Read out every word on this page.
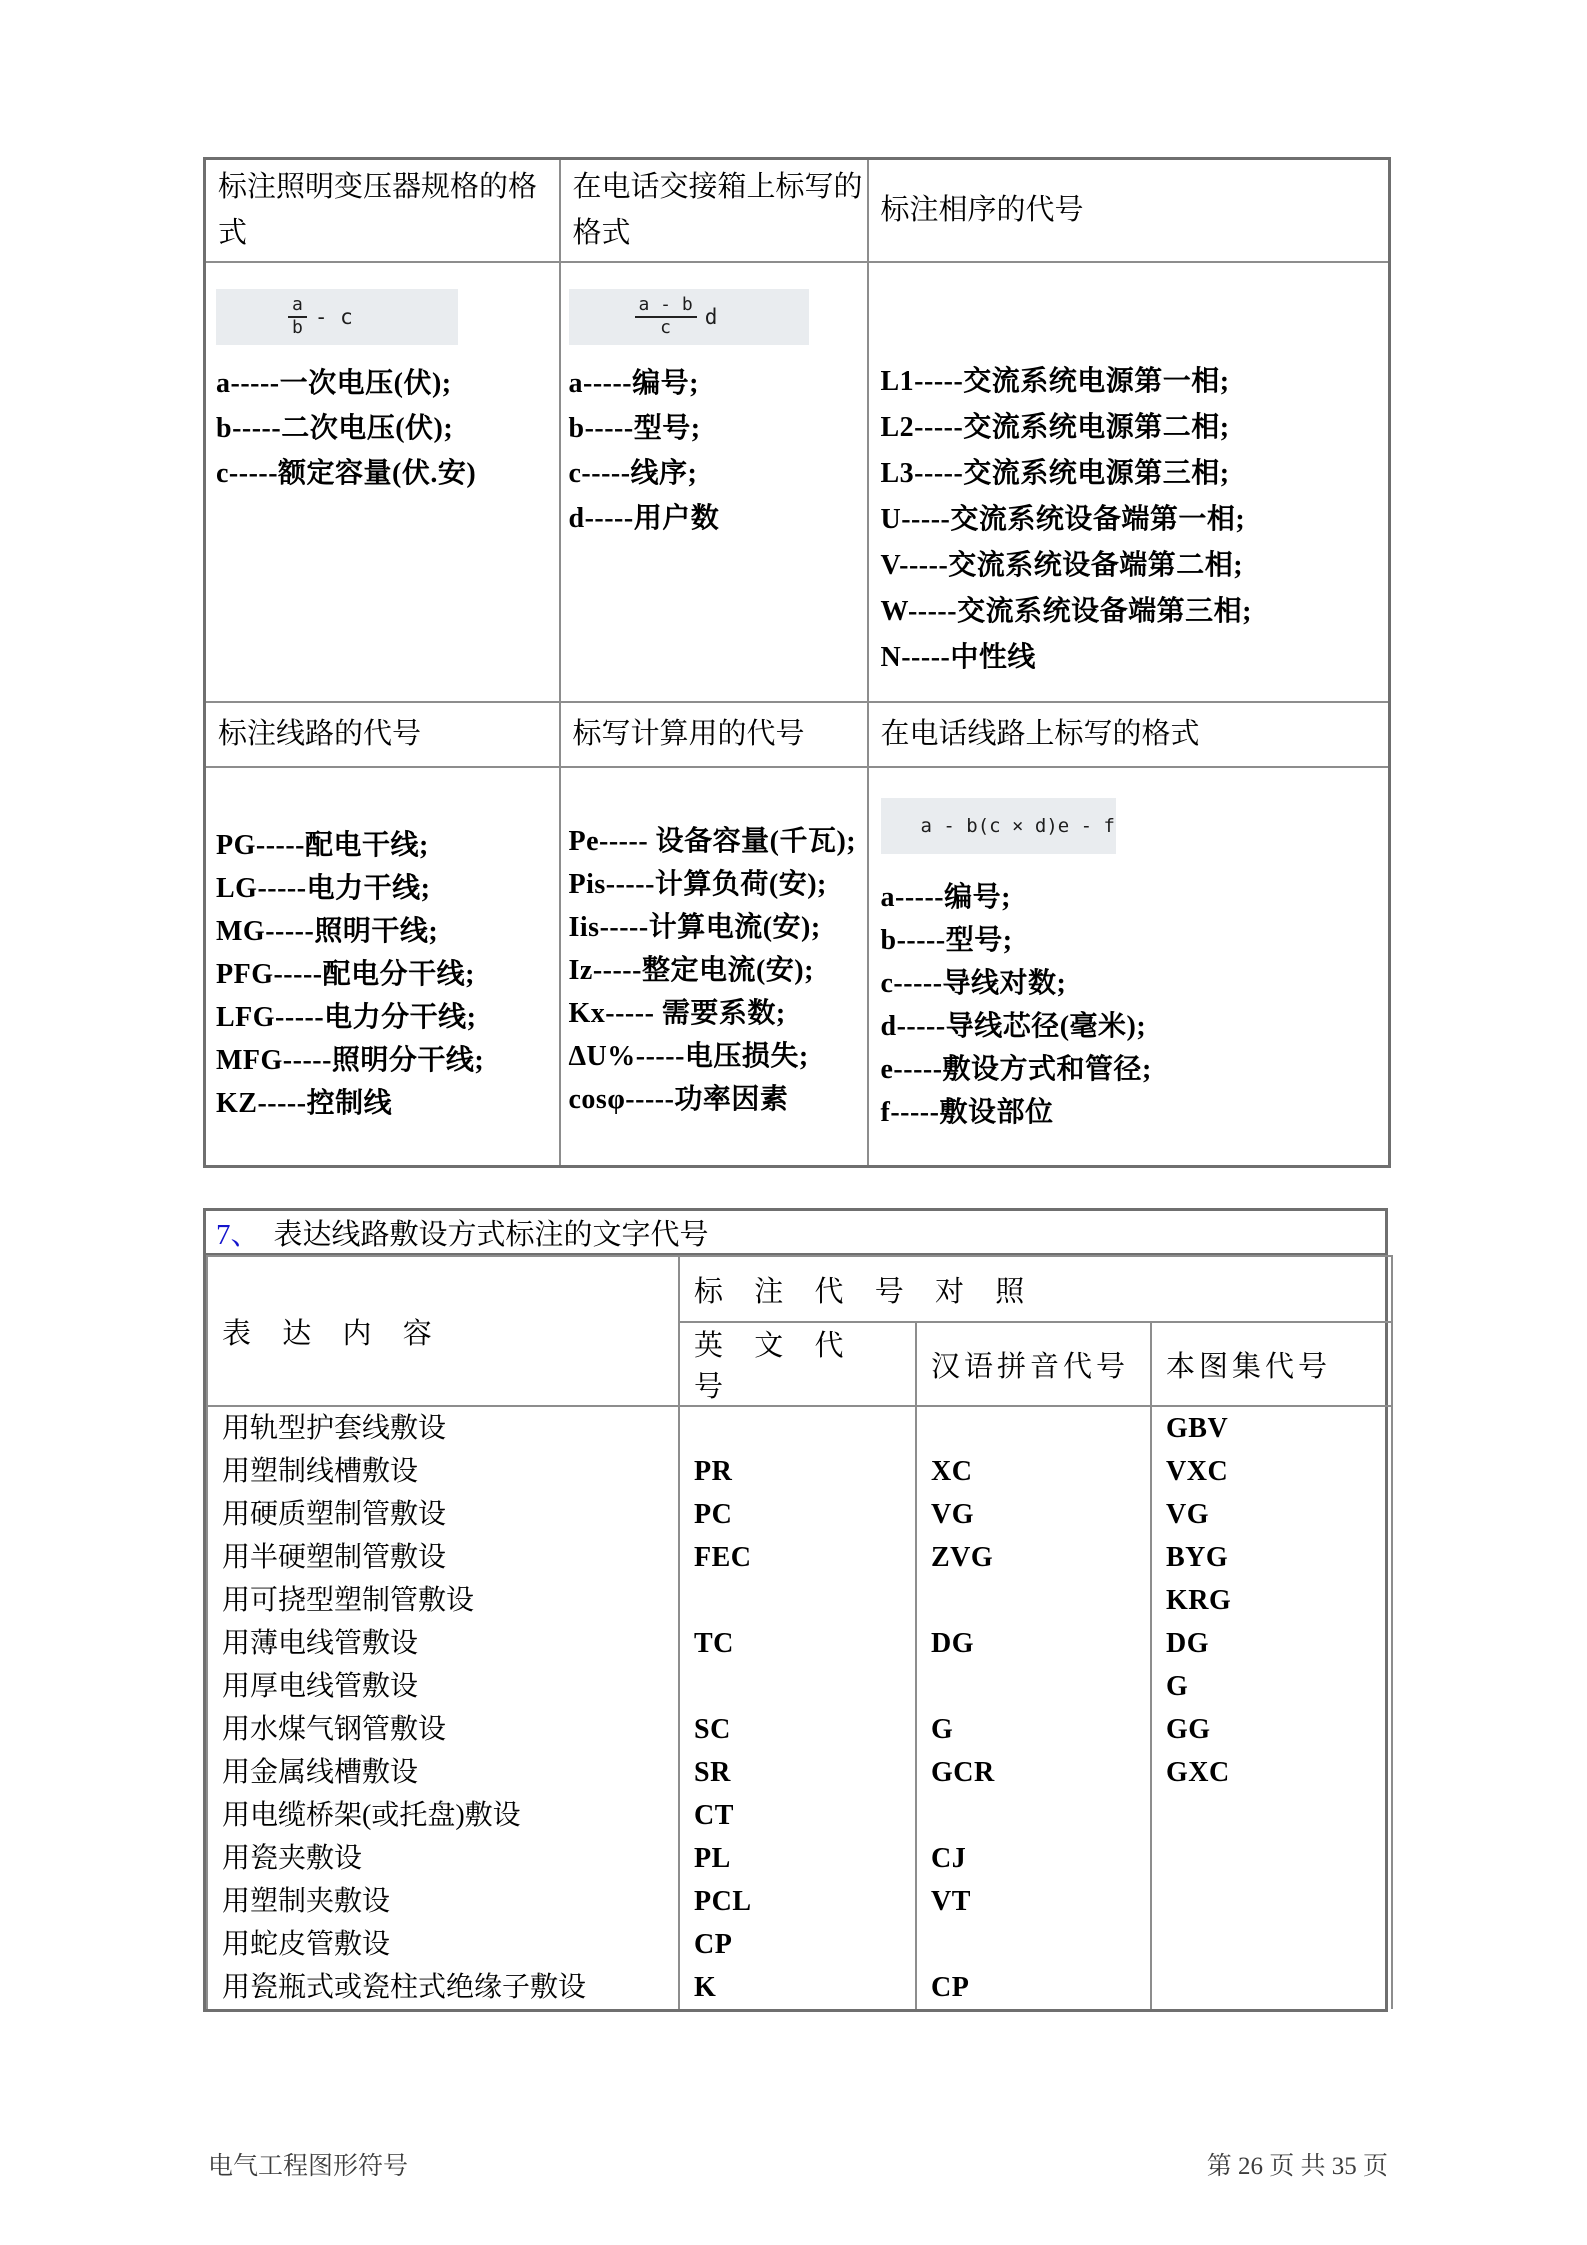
标注照明变压器规格的格式	在电话交接箱上标写的格式	标注相序的代号

$\frac{a}{b}$ - c
a-----一次电压(伏);
b-----二次电压(伏);
c-----额定容量(伏.安)

$\frac{a - b}{c}$ d
a-----编号;
b-----型号;
c-----线序;
d-----用户数

L1-----交流系统电源第一相;
L2-----交流系统电源第二相;
L3-----交流系统电源第三相;
U-----交流系统设备端第一相;
V-----交流系统设备端第二相;
W-----交流系统设备端第三相;
N-----中性线

标注线路的代号	标写计算用的代号	在电话线路上标写的格式

PG-----配电干线;
LG-----电力干线;
MG-----照明干线;
PFG-----配电分干线;
LFG-----电力分干线;
MFG-----照明分干线;
KZ-----控制线

Pe----- 设备容量(千瓦);
Pis-----计算负荷(安);
Iis-----计算电流(安);
Iz-----整定电流(安);
Kx----- 需要系数;
ΔU%-----电压损失;
cosφ-----功率因素

a - b(c × d)e - f
a-----编号;
b-----型号;
c-----导线对数;
d-----导线芯径(毫米);
e-----敷设方式和管径;
f-----敷设部位
7、 表达线路敷设方式标注的文字代号
表 达 内 容	标 注 代 号 对 照		
	英 文 代 号	汉语拼音代号	本图集代号
用轨型护套线敷设			GBV
用塑制线槽敷设	PR	XC	VXC
用硬质塑制管敷设	PC	VG	VG
用半硬塑制管敷设	FEC	ZVG	BYG
用可挠型塑制管敷设			KRG
用薄电线管敷设	TC	DG	DG
用厚电线管敷设			G
用水煤气钢管敷设	SC	G	GG
用金属线槽敷设	SR	GCR	GXC
用电缆桥架(或托盘)敷设	CT		
用瓷夹敷设	PL	CJ	
用塑制夹敷设	PCL	VT	
用蛇皮管敷设	CP		
用瓷瓶式或瓷柱式绝缘子敷设	K	CP	
电气工程图形符号	第 26 页 共 35 页
